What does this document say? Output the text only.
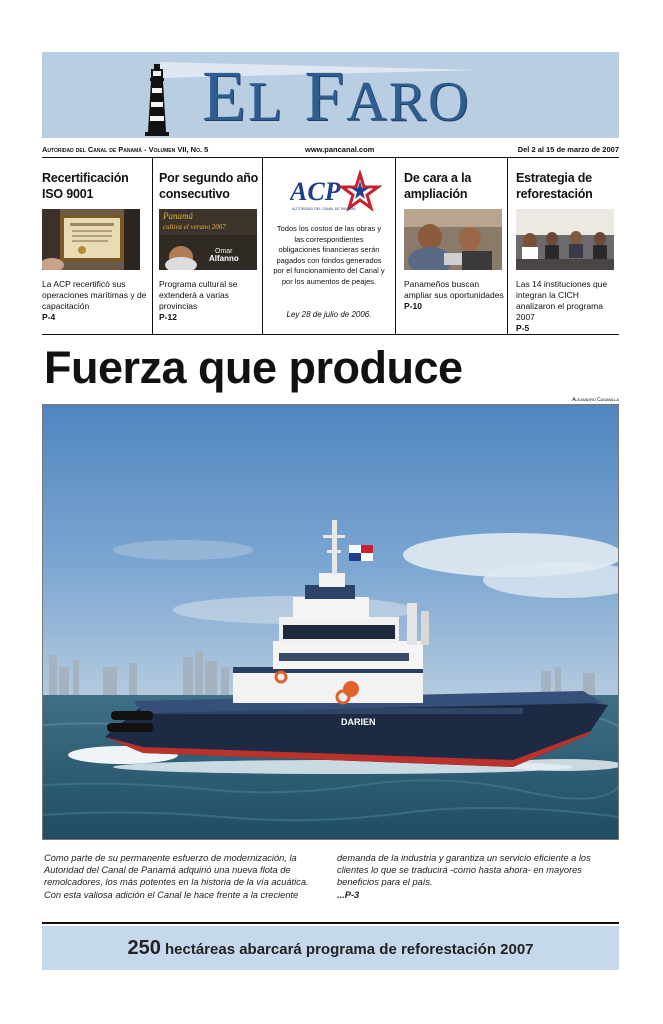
EL FARO
Autoridad del Canal de Panamá - Volumen VII, No. 5	www.pancanal.com	Del 2 al 15 de marzo de 2007
Recertificación
ISO 9001
La ACP recertificó sus operaciones marítimas y de capacitación
P-4
Por segundo año
consecutivo
Panamá
cultiva el verano 2007
Omar
Alfanno
Programa cultural se extenderá a varias provincias
P-12
ACP
AUTORIDAD DEL CANAL DE PANAMÁ
Todos los costos de las obras y las correspondientes obligaciones financieras serán pagados con fondos generados por el funcionamiento del Canal y por los aumentos de peajes.
Ley 28 de julio de 2006.
De cara a la
ampliación
Panameños buscan ampliar sus oportunidades
P-10
Estrategia de
reforestación
Las 14 instituciones que integran la CICH analizaron el programa 2007
P-5
Fuerza que produce
Alejandro Casanilla
DARIEN
Como parte de su permanente esfuerzo de modernización, la Autoridad del Canal de Panamá adquirió una nueva flota de remolcadores, los más potentes en la historia de la vía acuática. Con esta valiosa adición el Canal le hace frente a la creciente
demanda de la industria y garantiza un servicio eficiente a los clientes lo que se traducirá -como hasta ahora- en mayores beneficios para el país.
...P-3
250 hectáreas abarcará programa de reforestación 2007
